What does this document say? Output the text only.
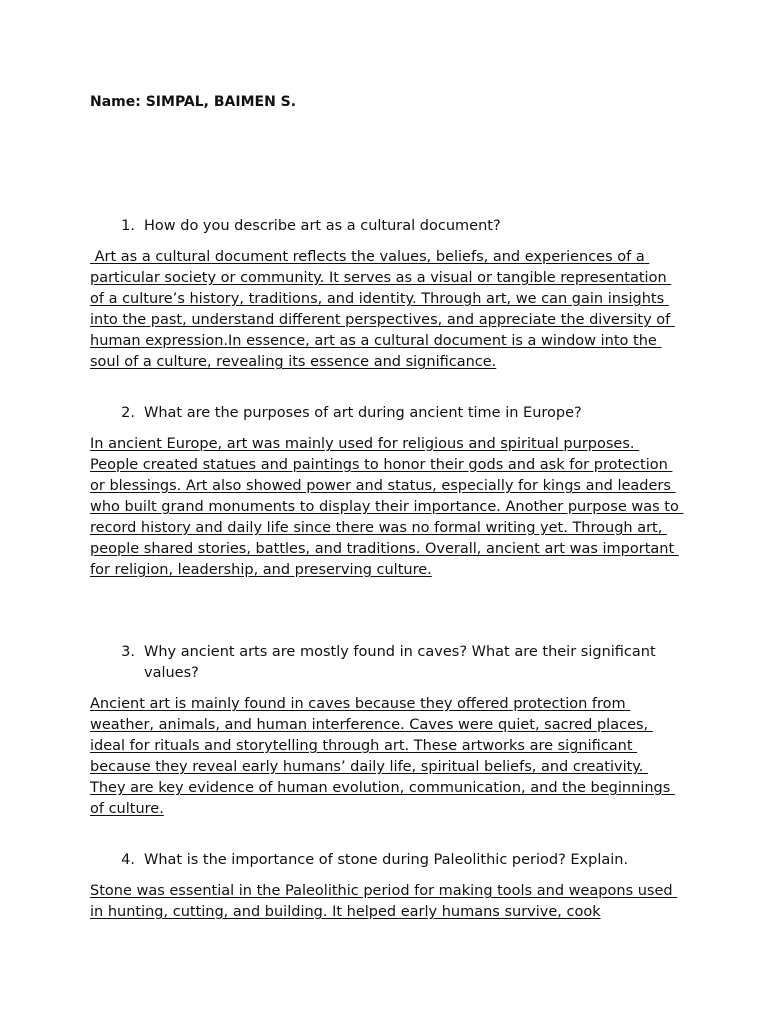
Name: SIMPAL, BAIMEN S.
1. How do you describe art as a cultural document?

Art as a cultural document reflects the values, beliefs, and experiences of a particular society or community. It serves as a visual or tangible representation of a culture’s history, traditions, and identity. Through art, we can gain insights into the past, understand different perspectives, and appreciate the diversity of human expression.In essence, art as a cultural document is a window into the soul of a culture, revealing its essence and significance.

2. What are the purposes of art during ancient time in Europe?

In ancient Europe, art was mainly used for religious and spiritual purposes. People created statues and paintings to honor their gods and ask for protection or blessings. Art also showed power and status, especially for kings and leaders who built grand monuments to display their importance. Another purpose was to record history and daily life since there was no formal writing yet. Through art, people shared stories, battles, and traditions. Overall, ancient art was important for religion, leadership, and preserving culture.

3. Why ancient arts are mostly found in caves? What are their significant values?

Ancient art is mainly found in caves because they offered protection from weather, animals, and human interference. Caves were quiet, sacred places, ideal for rituals and storytelling through art. These artworks are significant because they reveal early humans’ daily life, spiritual beliefs, and creativity. They are key evidence of human evolution, communication, and the beginnings of culture.

4. What is the importance of stone during Paleolithic period? Explain.

Stone was essential in the Paleolithic period for making tools and weapons used in hunting, cutting, and building. It helped early humans survive, cook
